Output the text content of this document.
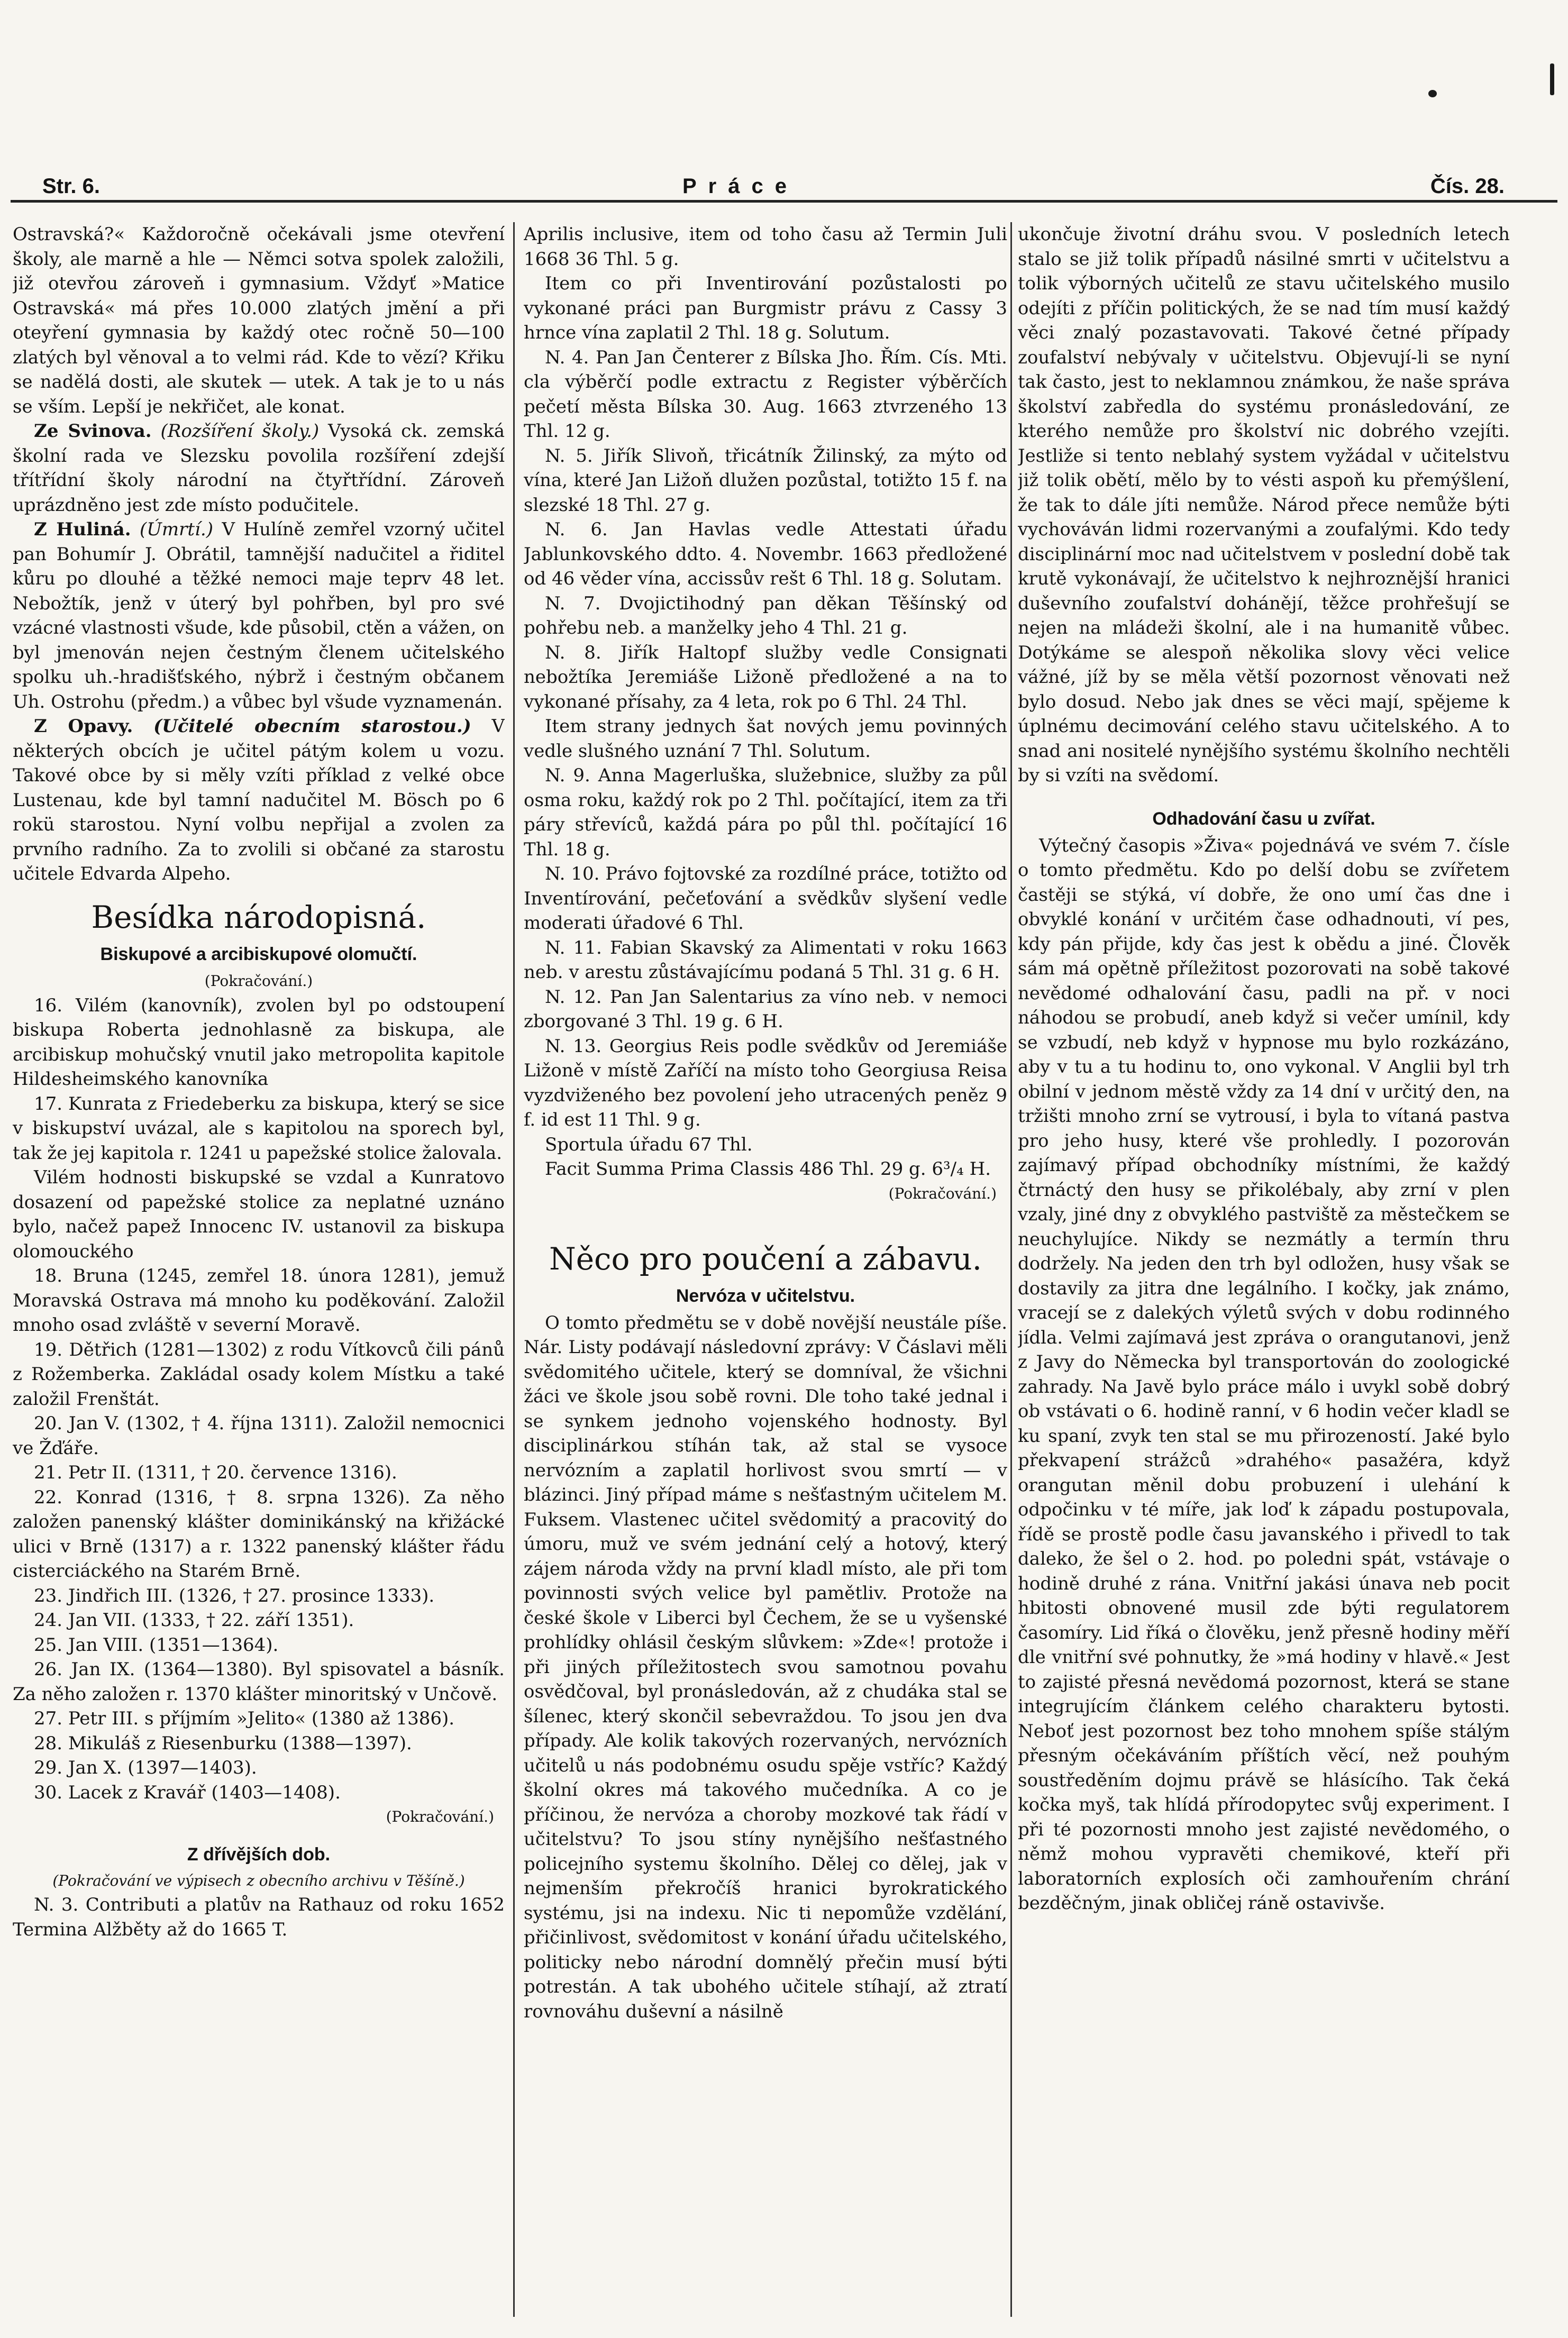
Str. 6.	Práce	Čís. 28.

Ostravská?« Každoročně očekávali jsme otevření školy, ale marně a hle — Němci sotva spolek založili, již otevřou zároveň i gymnasium. Vždyť »Matice Ostravská« má přes 10.000 zlatých jmění a při oteyření gymnasia by každý otec ročně 50—100 zlatých byl věnoval a to velmi rád. Kde to vězí? Křiku se nadělá dosti, ale skutek — utek. A tak je to u nás se vším. Lepší je nekřičet, ale konat.

Ze Svinova. (Rozšíření školy.) Vysoká ck. zemská školní rada ve Slezsku povolila rozšíření zdejší třítřídní školy národní na čtyřtřídní. Zároveň uprázdněno jest zde místo podučitele.

Z Huliná. (Úmrtí.) V Hulíně zemřel vzorný učitel pan Bohumír J. Obrátil, tamnější nadučitel a řiditel kůru po dlouhé a těžké nemoci maje teprv 48 let. Nebožtík, jenž v úterý byl pohřben, byl pro své vzácné vlastnosti všude, kde působil, ctěn a vážen, on byl jmenován nejen čestným členem učitelského spolku uh.-hradišťského, nýbrž i čestným občanem Uh. Ostrohu (předm.) a vůbec byl všude vyznamenán.

Z Opavy. (Učitelé obecním starostou.) V některých obcích je učitel pátým kolem u vozu. Takové obce by si měly vzíti příklad z velké obce Lustenau, kde byl tamní nadučitel M. Bösch po 6 rokü starostou. Nyní volbu nepřijal a zvolen za prvního radního. Za to zvolili si občané za starostu učitele Edvarda Alpeho.

Besídka národopisná.
Biskupové a arcibiskupové olomučtí.
(Pokračování.)

16. Vilém (kanovník), zvolen byl po odstoupení biskupa Roberta jednohlasně za biskupa, ale arcibiskup mohučský vnutil jako metropolita kapitole Hildesheimského kanovníka

17. Kunrata z Friedeberku za biskupa, který se sice v biskupství uvázal, ale s kapitolou na sporech byl, tak že jej kapitola r. 1241 u papežské stolice žalovala.

Vilém hodnosti biskupské se vzdal a Kunratovo dosazení od papežské stolice za neplatné uznáno bylo, načež papež Innocenc IV. ustanovil za biskupa olomouckého

18. Bruna (1245, zemřel 18. února 1281), jemuž Moravská Ostrava má mnoho ku poděkování. Založil mnoho osad zvláště v severní Moravě.

19. Dětřich (1281—1302) z rodu Vítkovců čili pánů z Rožemberka. Zakládal osady kolem Místku a také založil Frenštát.

20. Jan V. (1302, † 4. října 1311). Založil nemocnici ve Žďáře.

21. Petr II. (1311, † 20. července 1316).

22. Konrad (1316, † 8. srpna 1326). Za něho založen panenský klášter dominikánský na křižácké ulici v Brně (1317) a r. 1322 panenský klášter řádu cisterciáckého na Starém Brně.

23. Jindřich III. (1326, † 27. prosince 1333).

24. Jan VII. (1333, † 22. září 1351).

25. Jan VIII. (1351—1364).

26. Jan IX. (1364—1380). Byl spisovatel a básník. Za něho založen r. 1370 klášter minoritský v Unčově.

27. Petr III. s příjmím »Jelito« (1380 až 1386).

28. Mikuláš z Riesenburku (1388—1397).

29. Jan X. (1397—1403).

30. Lacek z Kravář (1403—1408).

(Pokračování.)
Z dřívějších dob.
(Pokračování ve výpisech z obecního archivu v Těšíně.)

N. 3. Contributi a platův na Rathauz od roku 1652 Termina Alžběty až do 1665 T.

Aprilis inclusive, item od toho času až Termin Juli 1668 36 Thl. 5 g.

Item co při Inventirování pozůstalosti po vykonané práci pan Burgmistr právu z Cassy 3 hrnce vína zaplatil 2 Thl. 18 g. Solutum.

N. 4. Pan Jan Čenterer z Bílska Jho. Řím. Cís. Mti. cla výběrčí podle extractu z Register výběrčích pečetí města Bílska 30. Aug. 1663 ztvrzeného 13 Thl. 12 g.

N. 5. Jiřík Slivoň, třicátník Žilinský, za mýto od vína, které Jan Ližoň dlužen pozůstal, totižto 15 f. na slezské 18 Thl. 27 g.

N. 6. Jan Havlas vedle Attestati úřadu Jablunkovského ddto. 4. Novembr. 1663 předložené od 46 věder vína, accissův rešt 6 Thl. 18 g. Solutam.

N. 7. Dvojictihodný pan děkan Těšínský od pohřebu neb. a manželky jeho 4 Thl. 21 g.

N. 8. Jiřík Haltopf služby vedle Consignati nebožtíka Jeremiáše Ližoně předložené a na to vykonané přísahy, za 4 leta, rok po 6 Thl. 24 Thl.

Item strany jednych šat nových jemu povinných vedle slušného uznání 7 Thl. Solutum.

N. 9. Anna Magerluška, služebnice, služby za půl osma roku, každý rok po 2 Thl. počítající, item za tři páry střevíců, každá pára po půl thl. počítající 16 Thl. 18 g.

N. 10. Právo fojtovské za rozdílné práce, totižto od Inventírování, pečeťování a svědkův slyšení vedle moderati úřadové 6 Thl.

N. 11. Fabian Skavský za Alimentati v roku 1663 neb. v arestu zůstávajícímu podaná 5 Thl. 31 g. 6 H.

N. 12. Pan Jan Salentarius za víno neb. v nemoci zborgované 3 Thl. 19 g. 6 H.

N. 13. Georgius Reis podle svědkův od Jeremiáše Ližoně v místě Zaříčí na místo toho Georgiusa Reisa vyzdviženého bez povolení jeho utracených peněz 9 f. id est 11 Thl. 9 g.

Sportula úřadu 67 Thl.

Facit Summa Prima Classis 486 Thl. 29 g. 6³/₄ H.

(Pokračování.)
Něco pro poučení a zábavu.
Nervóza v učitelstvu.

O tomto předmětu se v době novější neustále píše. Nár. Listy podávají následovní zprávy: V Čáslavi měli svědomitého učitele, který se domníval, že všichni žáci ve škole jsou sobě rovni. Dle toho také jednal i se synkem jednoho vojenského hodnosty. Byl disciplinárkou stíhán tak, až stal se vysoce nervózním a zaplatil horlivost svou smrtí — v blázinci. Jiný případ máme s nešťastným učitelem M. Fuksem. Vlastenec učitel svědomitý a pracovitý do úmoru, muž ve svém jednání celý a hotový, který zájem národa vždy na první kladl místo, ale při tom povinnosti svých velice byl pamětliv. Protože na české škole v Liberci byl Čechem, že se u vyšenské prohlídky ohlásil českým slůvkem: »Zde«! protože i při jiných příležitostech svou samotnou povahu osvědčoval, byl pronásledován, až z chudáka stal se šílenec, který skončil sebevraždou. To jsou jen dva případy. Ale kolik takových rozervaných, nervózních učitelů u nás podobnému osudu spěje vstříc? Každý školní okres má takového mučedníka. A co je příčinou, že nervóza a choroby mozkové tak řádí v učitelstvu? To jsou stíny nynějšího nešťastného policejního systemu školního. Dělej co dělej, jak v nejmenším překročíš hranici byrokratického systému, jsi na indexu. Nic ti nepomůže vzdělání, přičinlivost, svědomitost v konání úřadu učitelského, politicky nebo národní domnělý přečin musí býti potrestán. A tak ubohého učitele stíhají, až ztratí rovnováhu duševní a násilně

ukončuje životní dráhu svou. V posledních letech stalo se již tolik případů násilné smrti v učitelstvu a tolik výborných učitelů ze stavu učitelského musilo odejíti z příčin politických, že se nad tím musí každý věci znalý pozastavovati. Takové četné případy zoufalství nebývaly v učitelstvu. Objevují-li se nyní tak často, jest to neklamnou známkou, že naše správa školství zabředla do systému pronásledování, ze kterého nemůže pro školství nic dobrého vzejíti. Jestliže si tento neblahý system vyžádal v učitelstvu již tolik obětí, mělo by to vésti aspoň ku přemýšlení, že tak to dále jíti nemůže. Národ přece nemůže býti vychováván lidmi rozervanými a zoufalými. Kdo tedy disciplinární moc nad učitelstvem v poslední době tak krutě vykonávají, že učitelstvo k nejhroznější hranici duševního zoufalství dohánějí, těžce prohřešují se nejen na mládeži školní, ale i na humanitě vůbec. Dotýkáme se alespoň několika slovy věci velice vážné, jíž by se měla větší pozornost věnovati než bylo dosud. Nebo jak dnes se věci mají, spějeme k úplnému decimování celého stavu učitelského. A to snad ani nositelé nynějšího systému školního nechtěli by si vzíti na svědomí.

Odhadování času u zvířat.

Výtečný časopis »Živa« pojednává ve svém 7. čísle o tomto předmětu. Kdo po delší dobu se zvířetem častěji se stýká, ví dobře, že ono umí čas dne i obvyklé konání v určitém čase odhadnouti, ví pes, kdy pán přijde, kdy čas jest k obědu a jiné. Člověk sám má opětně příležitost pozorovati na sobě takové nevědomé odhalování času, padli na př. v noci náhodou se probudí, aneb když si večer umínil, kdy se vzbudí, neb když v hypnose mu bylo rozkázáno, aby v tu a tu hodinu to, ono vykonal. V Anglii byl trh obilní v jednom městě vždy za 14 dní v určitý den, na tržišti mnoho zrní se vytrousí, i byla to vítaná pastva pro jeho husy, které vše prohledly. I pozorován zajímavý případ obchodníky místními, že každý čtrnáctý den husy se přikolébaly, aby zrní v plen vzaly, jiné dny z obvyklého pastviště za městečkem se neuchylujíce. Nikdy se nezmátly a termín thru dodržely. Na jeden den trh byl odložen, husy však se dostavily za jitra dne legálního. I kočky, jak známo, vracejí se z dalekých výletů svých v dobu rodinného jídla. Velmi zajímavá jest zpráva o orangutanovi, jenž z Javy do Německa byl transportován do zoologické zahrady. Na Javě bylo práce málo i uvykl sobě dobrý ob vstávati o 6. hodině ranní, v 6 hodin večer kladl se ku spaní, zvyk ten stal se mu přirozeností. Jaké bylo překvapení strážců »drahého« pasažéra, když orangutan měnil dobu probuzení i ulehání k odpočinku v té míře, jak loď k západu postupovala, řídě se prostě podle času javanského i přivedl to tak daleko, že šel o 2. hod. po poledni spát, vstávaje o hodině druhé z rána. Vnitřní jakási únava neb pocit hbitosti obnovené musil zde býti regulatorem časomíry. Lid říká o člověku, jenž přesně hodiny měří dle vnitřní své pohnutky, že »má hodiny v hlavě.« Jest to zajisté přesná nevědomá pozornost, která se stane integrujícím článkem celého charakteru bytosti. Neboť jest pozornost bez toho mnohem spíše stálým přesným očekáváním příštích věcí, než pouhým soustředěním dojmu právě se hlásícího. Tak čeká kočka myš, tak hlídá přírodopytec svůj experiment. I při té pozornosti mnoho jest zajisté nevědomého, o němž mohou vypravěti chemikové, kteří při laboratorních explosích oči zamhouřením chrání bezděčným, jinak obličej ráně ostavivše.
